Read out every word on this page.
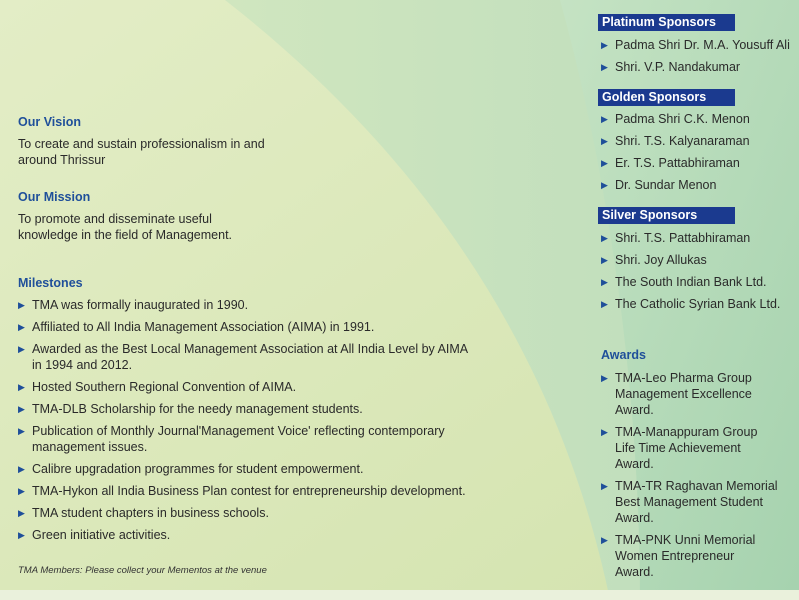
Our Vision

To create and sustain professionalism in and

around Thrissur

Our Mission

To promote and disseminate useful

knowledge in the field of Management.

Milestones
▶ TMA was formally inaugurated in 1990.
▶ Affiliated to All India Management Association (AIMA) in 1991.
▶ Awarded as the Best Local Management Association at All India Level by AIMA
in 1994 and 2012.
▶ Hosted Southern Regional Convention of AIMA.
▶ TMA-DLB Scholarship for the needy management students.
▶ Publication of Monthly Journal'Management Voice' reflecting contemporary
management issues.
▶ Calibre upgradation programmes for student empowerment.
▶ TMA-Hykon all India Business Plan contest for entrepreneurship development.
▶ TMA student chapters in business schools.
▶ Green initiative activities.
TMA Members: Please collect your Mementos at the venue
Platinum Sponsors
▶ Padma Shri Dr. M.A. Yousuff Ali
▶ Shri. V.P. Nandakumar
Golden Sponsors
▶ Padma Shri C.K. Menon
▶ Shri. T.S. Kalyanaraman
▶ Er. T.S. Pattabhiraman
▶ Dr. Sundar Menon
Silver Sponsors
▶ Shri. T.S. Pattabhiraman
▶ Shri. Joy Allukas
▶ The South Indian Bank Ltd.
▶ The Catholic Syrian Bank Ltd.
Awards
▶ TMA-Leo Pharma Group
Management Excellence
Award.
▶ TMA-Manappuram Group
Life Time Achievement
Award.
▶ TMA-TR Raghavan Memorial
Best Management Student
Award.
▶ TMA-PNK Unni Memorial
Women Entrepreneur
Award.
